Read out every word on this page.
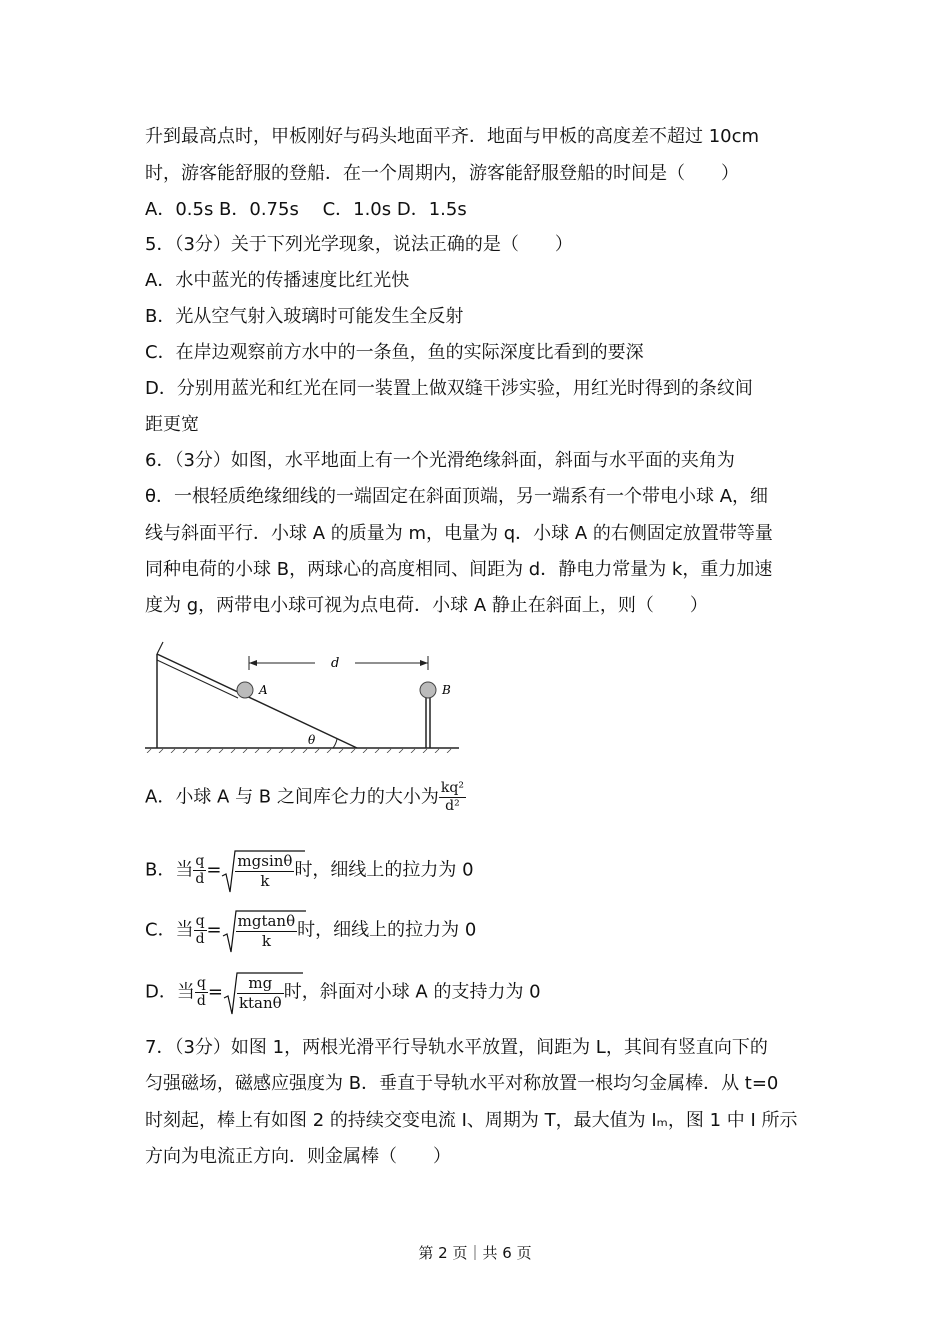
升到最高点时，甲板刚好与码头地面平齐．地面与甲板的高度差不超过 10cm
时，游客能舒服的登船．在一个周期内，游客能舒服登船的时间是（　　）
A．0.5s B．0.75s　 C．1.0s D．1.5s
5．（3分）关于下列光学现象，说法正确的是（　　）
A．水中蓝光的传播速度比红光快
B．光从空气射入玻璃时可能发生全反射
C．在岸边观察前方水中的一条鱼，鱼的实际深度比看到的要深
D．分别用蓝光和红光在同一装置上做双缝干涉实验，用红光时得到的条纹间
距更宽
6．（3分）如图，水平地面上有一个光滑绝缘斜面，斜面与水平面的夹角为
θ．一根轻质绝缘细线的一端固定在斜面顶端，另一端系有一个带电小球 A，细
线与斜面平行．小球 A 的质量为 m，电量为 q．小球 A 的右侧固定放置带等量
同种电荷的小球 B，两球心的高度相同、间距为 d．静电力常量为 k，重力加速
度为 g，两带电小球可视为点电荷．小球 A 静止在斜面上，则（　　）
θ
A	B
d
A．小球 A 与 B 之间库仑力的大小为 $\frac{\text{kq²}}{\text{d²}}$
B．当 $\frac{q}{d} = \frac{mgsin\theta}{k}$ 时，细线上的拉力为 0
C．当 $\frac{q}{d} = \frac{mgtan\theta}{k}$ 时，细线上的拉力为 0
D．当 $\frac{q}{d} = \frac{mg}{ktan\theta}$ 时，斜面对小球 A 的支持力为 0
7．（3分）如图 1，两根光滑平行导轨水平放置，间距为 L，其间有竖直向下的
匀强磁场，磁感应强度为 B．垂直于导轨水平对称放置一根均匀金属棒．从 t=0
时刻起，棒上有如图 2 的持续交变电流 I、周期为 T，最大值为 Iₘ，图 1 中 I 所示
方向为电流正方向．则金属棒（　　）
第 2 页｜共 6 页
